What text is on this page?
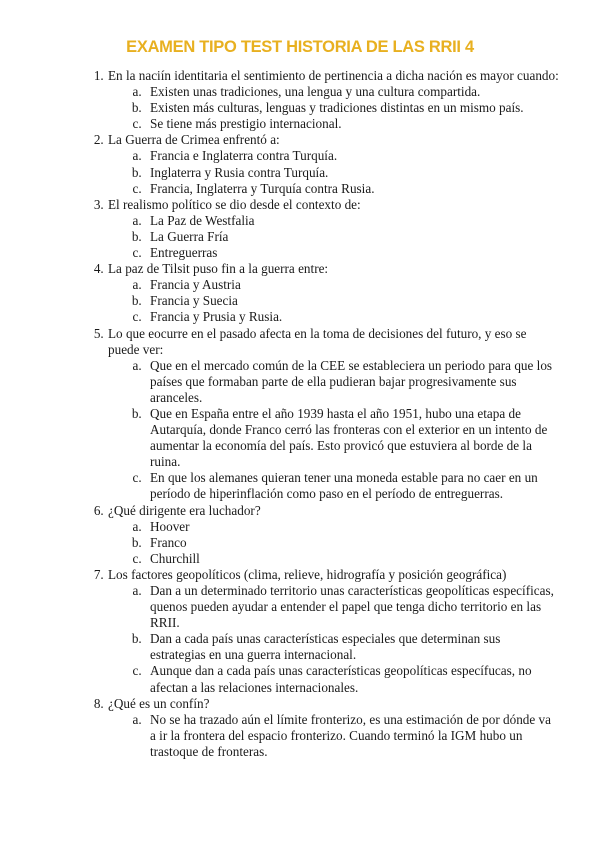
EXAMEN TIPO TEST HISTORIA DE LAS RRII 4
1. En la naciín identitaria el sentimiento de pertinencia a dicha nación es mayor cuando:
a. Existen unas tradiciones, una lengua y una cultura compartida.
b. Existen más culturas, lenguas y tradiciones distintas en un mismo país.
c. Se tiene más prestigio internacional.
2. La Guerra de Crimea enfrentó a:
a. Francia e Inglaterra contra Turquía.
b. Inglaterra y Rusia contra Turquía.
c. Francia, Inglaterra y Turquía contra Rusia.
3. El realismo político se dio desde el contexto de:
a. La Paz de Westfalia
b. La Guerra Fría
c. Entreguerras
4. La paz de Tilsit puso fin a la guerra entre:
a. Francia y Austria
b. Francia y Suecia
c. Francia y Prusia y Rusia.
5. Lo que eocurre en el pasado afecta en la toma de decisiones del futuro, y eso se puede ver:
a. Que en el mercado común de la CEE se estableciera un periodo para que los países que formaban parte de ella pudieran bajar progresivamente sus aranceles.
b. Que en España entre el año 1939 hasta el año 1951, hubo una etapa de Autarquía, donde Franco cerró las fronteras con el exterior en un intento de aumentar la economía del país. Esto provicó que estuviera al borde de la ruina.
c. En que los alemanes quieran tener una moneda estable para no caer en un período de hiperinflación como paso en el período de entreguerras.
6. ¿Qué dirigente era luchador?
a. Hoover
b. Franco
c. Churchill
7. Los factores geopolíticos (clima, relieve, hidrografía y posición geográfica)
a. Dan a un determinado territorio unas características geopolíticas específicas, quenos pueden ayudar a entender el papel que tenga dicho territorio en las RRII.
b. Dan a cada país unas características especiales que determinan sus estrategias en una guerra internacional.
c. Aunque dan a cada país unas características geopolíticas específucas, no afectan a las relaciones internacionales.
8. ¿Qué es un confín?
a. No se ha trazado aún el límite fronterizo, es una estimación de por dónde va a ir la frontera del espacio fronterizo. Cuando terminó la IGM hubo un trastoque de fronteras.
